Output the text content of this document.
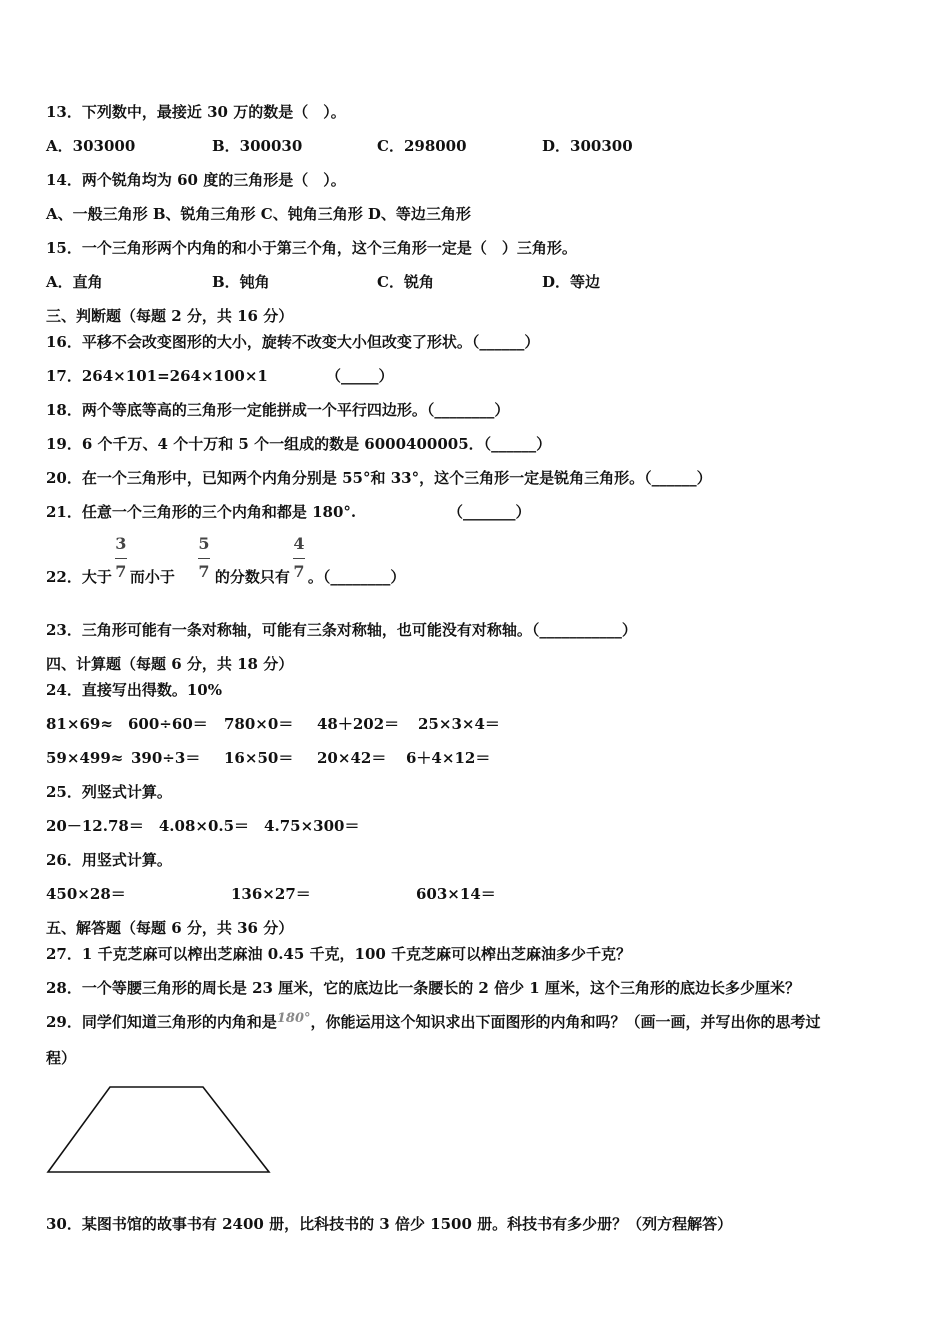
13．下列数中，最接近 30 万的数是（　）。
A．303000	B．300030	C．298000	D．300300
14．两个锐角均为 60 度的三角形是（　）。
A、一般三角形 B、锐角三角形 C、钝角三角形 D、等边三角形
15．一个三角形两个内角的和小于第三个角，这个三角形一定是（　）三角形。
A．直角	B．钝角	C．锐角	D．等边
三、判断题（每题 2 分，共 16 分）
16．平移不会改变图形的大小，旋转不改变大小但改变了形状。（______）
17．264×101=264×100×1	（_____）
18．两个等底等高的三角形一定能拼成一个平行四边形。（________）
19．6 个千万、4 个十万和 5 个一组成的数是 6000400005．（______）
20．在一个三角形中，已知两个内角分别是 55°和 33°，这个三角形一定是锐角三角形。（______）
21．任意一个三角形的三个内角和都是 180°.	（_______）
22．大于 $\frac{3}{7}$ 而小于 $\frac{5}{7}$ 的分数只有 $\frac{4}{7}$ 。（________）
23．三角形可能有一条对称轴，可能有三条对称轴，也可能没有对称轴。（___________）
四、计算题（每题 6 分，共 18 分）
24．直接写出得数。10%
81×69≈ 600÷60＝ 780×0＝ 48＋202＝ 25×3×4＝
59×499≈ 390÷3＝ 16×50＝ 20×42＝ 6＋4×12＝
25．列竖式计算。
20－12.78＝　4.08×0.5＝　4.75×300＝
26．用竖式计算。
450×28＝	136×27＝	603×14＝
五、解答题（每题 6 分，共 36 分）
27．1 千克芝麻可以榨出芝麻油 0.45 千克，100 千克芝麻可以榨出芝麻油多少千克？
28．一个等腰三角形的周长是 23 厘米，它的底边比一条腰长的 2 倍少 1 厘米，这个三角形的底边长多少厘米？
29．同学们知道三角形的内角和是180°，你能运用这个知识求出下面图形的内角和吗？（画一画，并写出你的思考过
程）
30．某图书馆的故事书有 2400 册，比科技书的 3 倍少 1500 册。科技书有多少册？（列方程解答）
